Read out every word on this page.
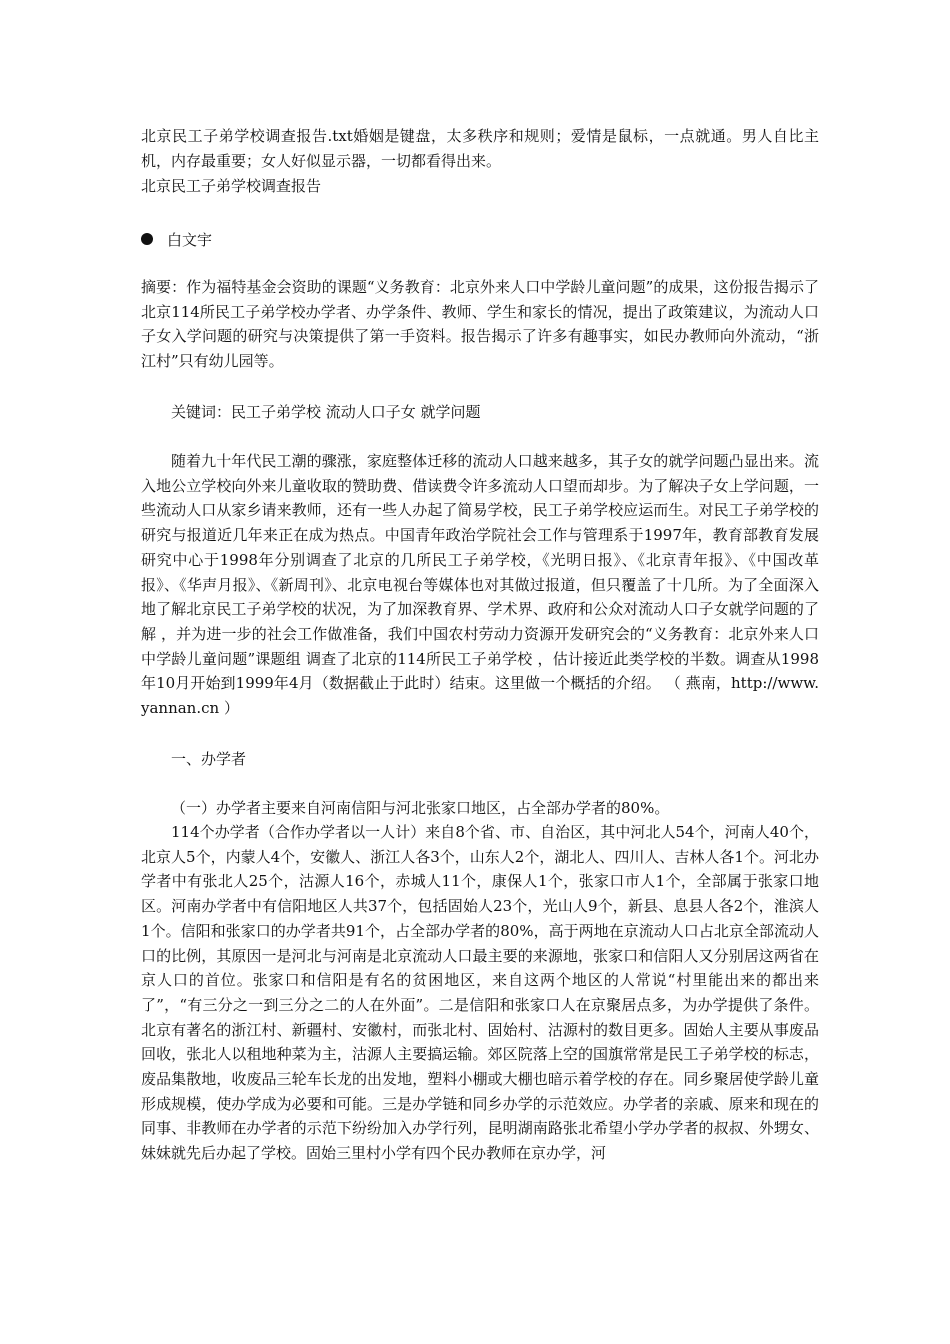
北京民工子弟学校调查报告.txt婚姻是键盘，太多秩序和规则；爱情是鼠标，一点就通。男人自比主机，内存最重要；女人好似显示器，一切都看得出来。
北京民工子弟学校调查报告
白文宇
摘要：作为福特基金会资助的课题“义务教育：北京外来人口中学龄儿童问题”的成果，这份报告揭示了北京114所民工子弟学校办学者、办学条件、教师、学生和家长的情况，提出了政策建议，为流动人口子女入学问题的研究与决策提供了第一手资料。报告揭示了许多有趣事实，如民办教师向外流动，“浙江村”只有幼儿园等。
关键词：民工子弟学校 流动人口子女 就学问题
随着九十年代民工潮的骤涨，家庭整体迁移的流动人口越来越多，其子女的就学问题凸显出来。流入地公立学校向外来儿童收取的赞助费、借读费令许多流动人口望而却步。为了解决子女上学问题，一些流动人口从家乡请来教师，还有一些人办起了简易学校，民工子弟学校应运而生。对民工子弟学校的研究与报道近几年来正在成为热点。中国青年政治学院社会工作与管理系于1997年，教育部教育发展研究中心于1998年分别调查了北京的几所民工子弟学校，《光明日报》、《北京青年报》、《中国改革报》、《华声月报》、《新周刊》、北京电视台等媒体也对其做过报道，但只覆盖了十几所。为了全面深入地了解北京民工子弟学校的状况，为了加深教育界、学术界、政府和公众对流动人口子女就学问题的了解 ，并为进一步的社会工作做准备，我们中国农村劳动力资源开发研究会的“义务教育：北京外来人口中学龄儿童问题”课题组 调查了北京的114所民工子弟学校 ，估计接近此类学校的半数。调查从1998年10月开始到1999年4月（数据截止于此时）结束。这里做一个概括的介绍。 （ 燕南，http://www.yannan.cn ）
一、办学者
（一）办学者主要来自河南信阳与河北张家口地区，占全部办学者的80%。
114个办学者（合作办学者以一人计）来自8个省、市、自治区，其中河北人54个，河南人40个，北京人5个，内蒙人4个，安徽人、浙江人各3个，山东人2个，湖北人、四川人、吉林人各1个。河北办学者中有张北人25个，沽源人16个，赤城人11个，康保人1个，张家口市人1个，全部属于张家口地区。河南办学者中有信阳地区人共37个，包括固始人23个，光山人9个，新县、息县人各2个，淮滨人1个。信阳和张家口的办学者共91个，占全部办学者的80%，高于两地在京流动人口占北京全部流动人口的比例，其原因一是河北与河南是北京流动人口最主要的来源地，张家口和信阳人又分别居这两省在京人口的首位。张家口和信阳是有名的贫困地区，来自这两个地区的人常说“村里能出来的都出来了”，“有三分之一到三分之二的人在外面”。二是信阳和张家口人在京聚居点多，为办学提供了条件。北京有著名的浙江村、新疆村、安徽村，而张北村、固始村、沽源村的数目更多。固始人主要从事废品回收，张北人以租地种菜为主，沽源人主要搞运输。郊区院落上空的国旗常常是民工子弟学校的标志，废品集散地，收废品三轮车长龙的出发地，塑料小棚或大棚也暗示着学校的存在。同乡聚居使学龄儿童形成规模，使办学成为必要和可能。三是办学链和同乡办学的示范效应。办学者的亲戚、原来和现在的同事、非教师在办学者的示范下纷纷加入办学行列，昆明湖南路张北希望小学办学者的叔叔、外甥女、妹妹就先后办起了学校。固始三里村小学有四个民办教师在京办学，河
